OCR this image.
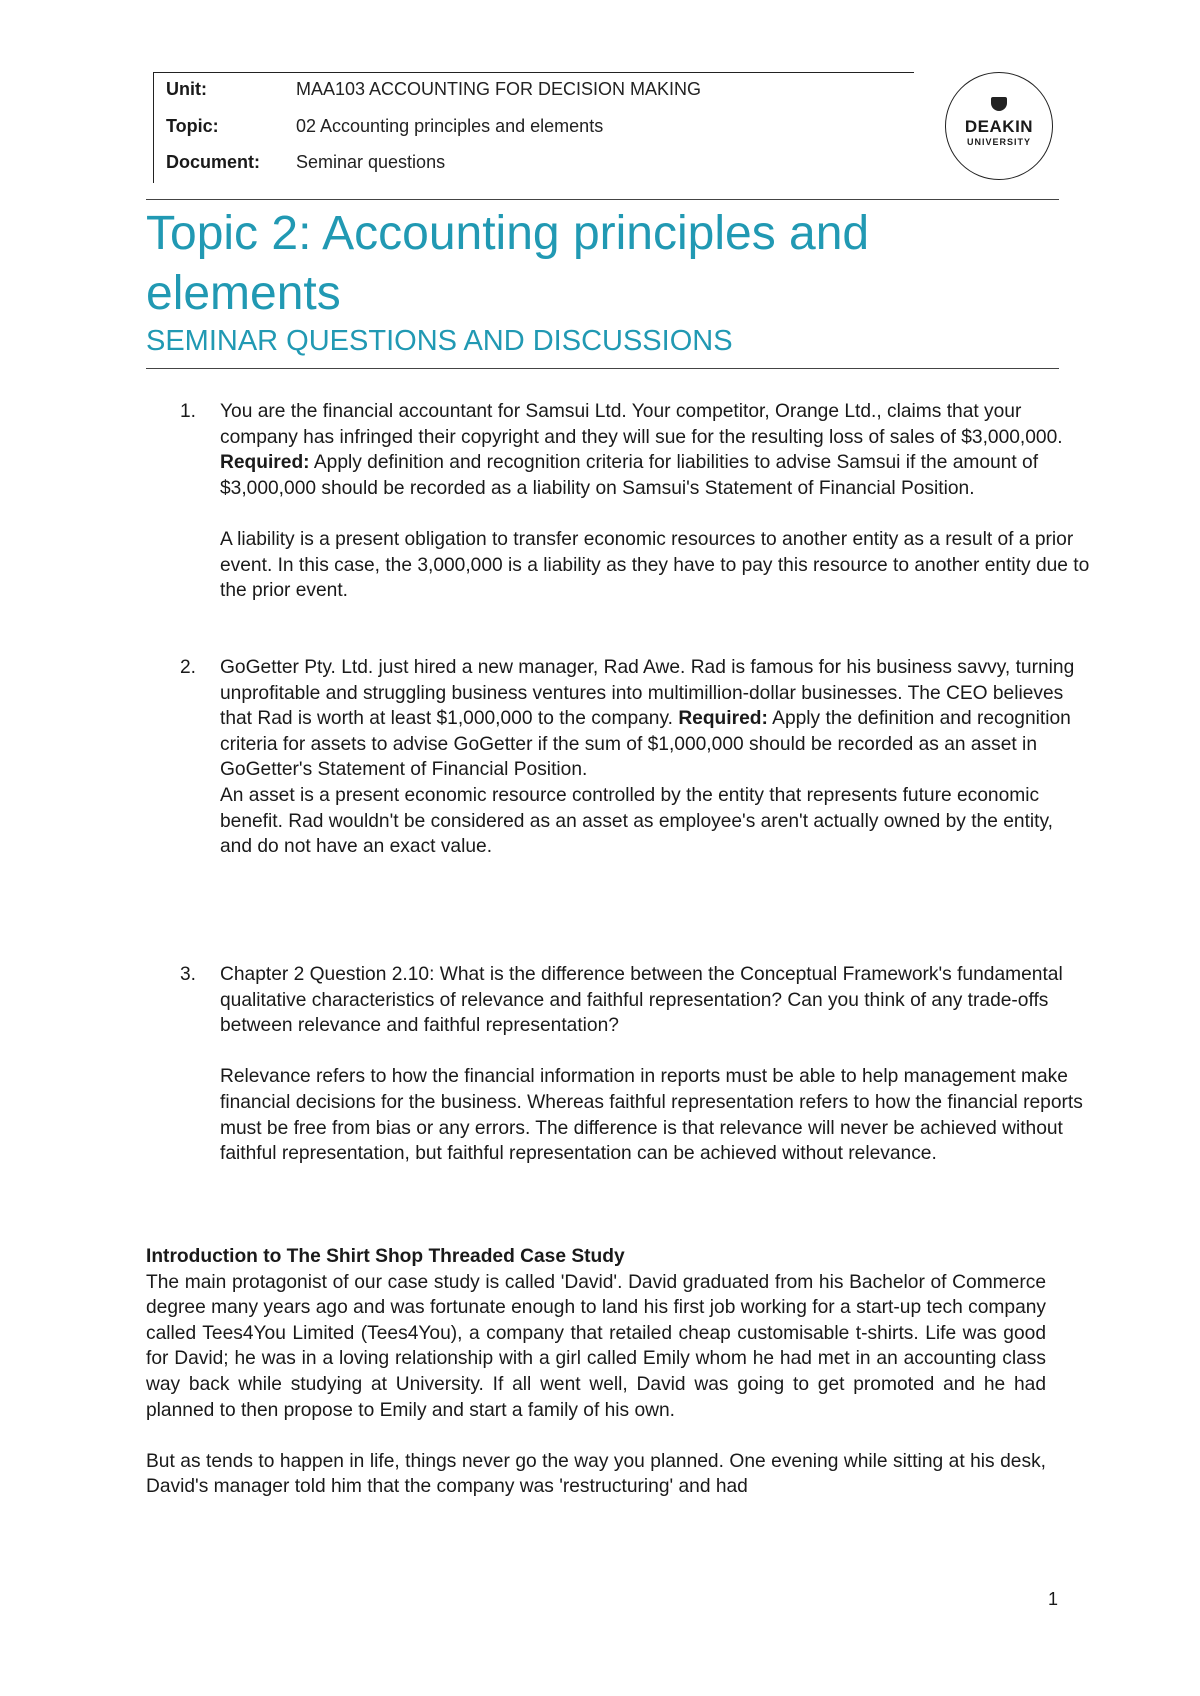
Unit:	MAA103 ACCOUNTING FOR DECISION MAKING
Topic:	02 Accounting principles and elements
Document:	Seminar questions
DEAKIN
UNIVERSITY
Topic 2: Accounting principles and elements
SEMINAR QUESTIONS AND DISCUSSIONS
1. You are the financial accountant for Samsui Ltd. Your competitor, Orange Ltd., claims that your company has infringed their copyright and they will sue for the resulting loss of sales of $3,000,000. Required: Apply definition and recognition criteria for liabilities to advise Samsui if the amount of $3,000,000 should be recorded as a liability on Samsui's Statement of Financial Position.

A liability is a present obligation to transfer economic resources to another entity as a result of a prior event. In this case, the 3,000,000 is a liability as they have to pay this resource to another entity due to the prior event.

2. GoGetter Pty. Ltd. just hired a new manager, Rad Awe. Rad is famous for his business savvy, turning unprofitable and struggling business ventures into multimillion-dollar businesses. The CEO believes that Rad is worth at least $1,000,000 to the company. Required: Apply the definition and recognition criteria for assets to advise GoGetter if the sum of $1,000,000 should be recorded as an asset in GoGetter's Statement of Financial Position.

An asset is a present economic resource controlled by the entity that represents future economic benefit. Rad wouldn't be considered as an asset as employee's aren't actually owned by the entity, and do not have an exact value.

3. Chapter 2 Question 2.10: What is the difference between the Conceptual Framework's fundamental qualitative characteristics of relevance and faithful representation? Can you think of any trade-offs between relevance and faithful representation?

Relevance refers to how the financial information in reports must be able to help management make financial decisions for the business. Whereas faithful representation refers to how the financial reports must be free from bias or any errors. The difference is that relevance will never be achieved without faithful representation, but faithful representation can be achieved without relevance.

Introduction to The Shirt Shop Threaded Case Study

The main protagonist of our case study is called 'David'. David graduated from his Bachelor of Commerce degree many years ago and was fortunate enough to land his first job working for a start-up tech company called Tees4You Limited (Tees4You), a company that retailed cheap customisable t-shirts. Life was good for David; he was in a loving relationship with a girl called Emily whom he had met in an accounting class way back while studying at University. If all went well, David was going to get promoted and he had planned to then propose to Emily and start a family of his own.

But as tends to happen in life, things never go the way you planned. One evening while sitting at his desk, David's manager told him that the company was 'restructuring' and had

1
